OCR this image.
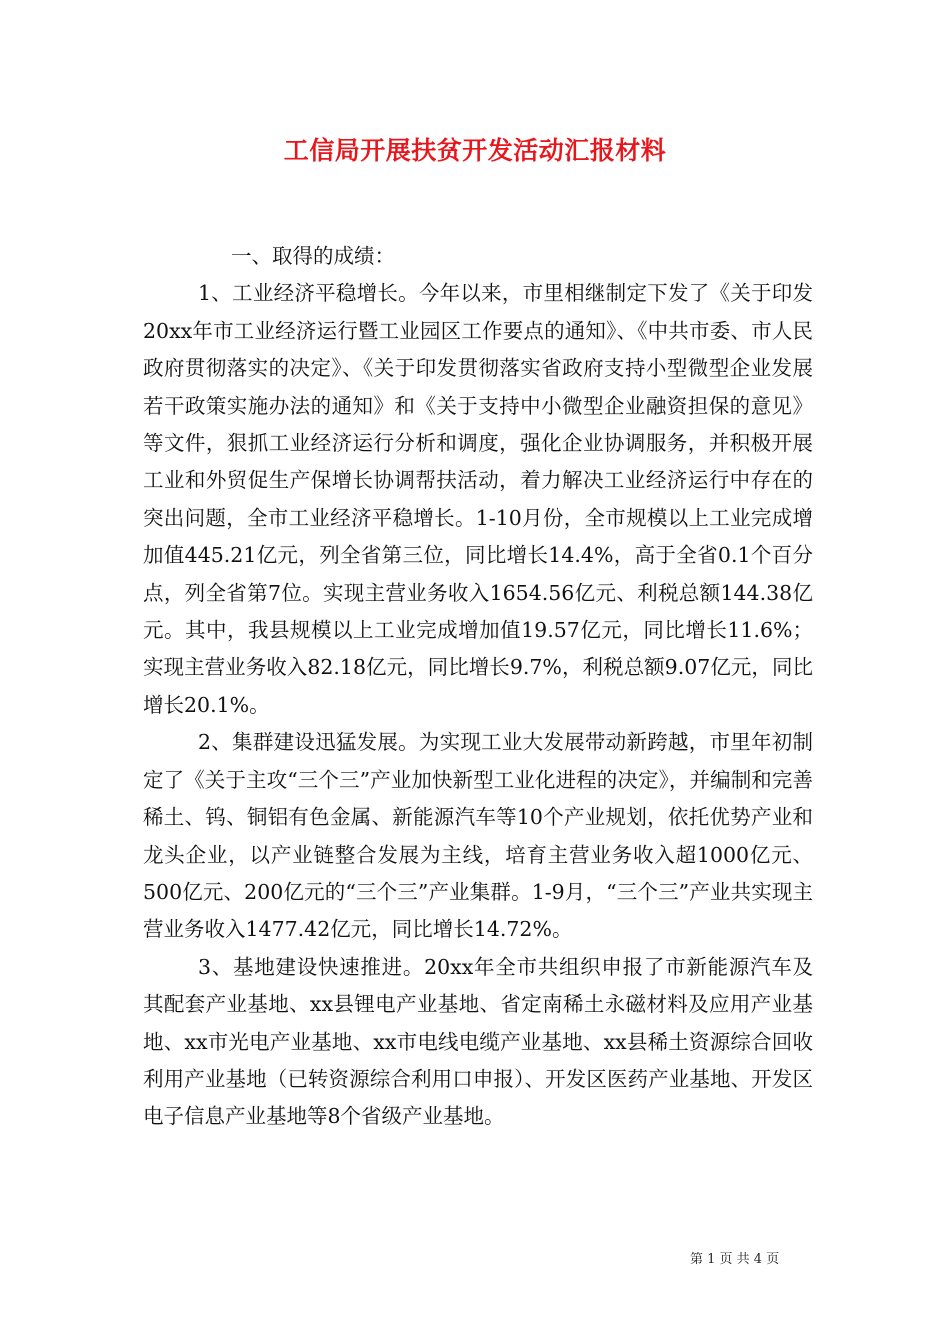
工信局开展扶贫开发活动汇报材料

一、取得的成绩：

1、工业经济平稳增长。今年以来，市里相继制定下发了《关于印发20xx年市工业经济运行暨工业园区工作要点的通知》、《中共市委、市人民政府贯彻落实的决定》、《关于印发贯彻落实省政府支持小型微型企业发展若干政策实施办法的通知》和《关于支持中小微型企业融资担保的意见》等文件，狠抓工业经济运行分析和调度，强化企业协调服务，并积极开展工业和外贸促生产保增长协调帮扶活动，着力解决工业经济运行中存在的突出问题，全市工业经济平稳增长。1-10月份，全市规模以上工业完成增加值445.21亿元，列全省第三位，同比增长14.4%，高于全省0.1个百分点，列全省第7位。实现主营业务收入1654.56亿元、利税总额144.38亿元。其中，我县规模以上工业完成增加值19.57亿元，同比增长11.6%；实现主营业务收入82.18亿元，同比增长9.7%，利税总额9.07亿元，同比增长20.1%。

2、集群建设迅猛发展。为实现工业大发展带动新跨越，市里年初制定了《关于主攻“三个三”产业加快新型工业化进程的决定》，并编制和完善稀土、钨、铜铝有色金属、新能源汽车等10个产业规划，依托优势产业和龙头企业，以产业链整合发展为主线，培育主营业务收入超1000亿元、500亿元、200亿元的“三个三”产业集群。1-9月，“三个三”产业共实现主营业务收入1477.42亿元，同比增长14.72%。

3、基地建设快速推进。20xx年全市共组织申报了市新能源汽车及其配套产业基地、xx县锂电产业基地、省定南稀土永磁材料及应用产业基地、xx市光电产业基地、xx市电线电缆产业基地、xx县稀土资源综合回收利用产业基地（已转资源综合利用口申报）、开发区医药产业基地、开发区电子信息产业基地等8个省级产业基地。

第 1 页 共 4 页
